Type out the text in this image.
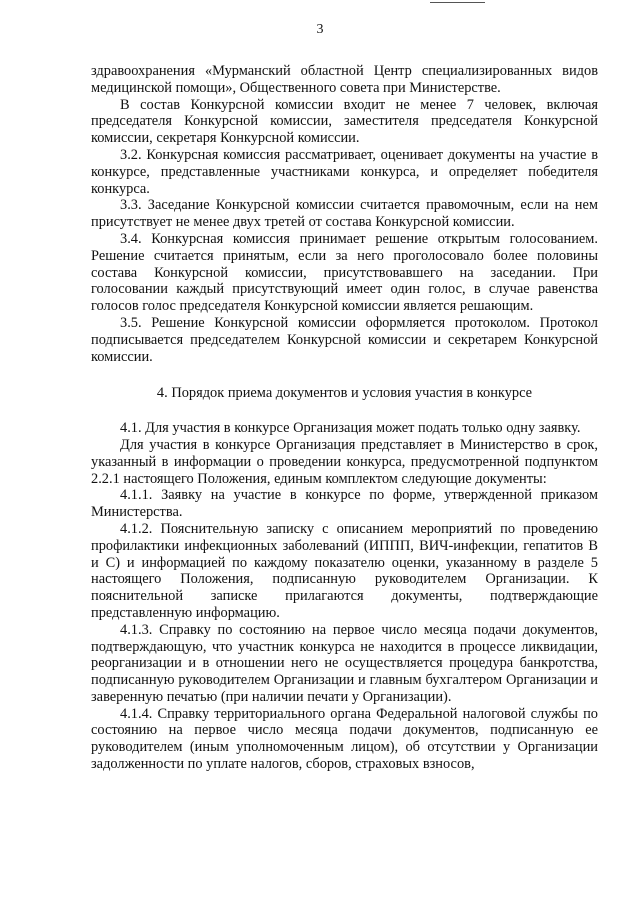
3

здравоохранения «Мурманский областной Центр специализированных видов медицинской помощи», Общественного совета при Министерстве.

В состав Конкурсной комиссии входит не менее 7 человек, включая председателя Конкурсной комиссии, заместителя председателя Конкурсной комиссии, секретаря Конкурсной комиссии.

3.2. Конкурсная комиссия рассматривает, оценивает документы на участие в конкурсе, представленные участниками конкурса, и определяет победителя конкурса.

3.3. Заседание Конкурсной комиссии считается правомочным, если на нем присутствует не менее двух третей от состава Конкурсной комиссии.

3.4. Конкурсная комиссия принимает решение открытым голосованием. Решение считается принятым, если за него проголосовало более половины состава Конкурсной комиссии, присутствовавшего на заседании. При голосовании каждый присутствующий имеет один голос, в случае равенства голосов голос председателя Конкурсной комиссии является решающим.

3.5. Решение Конкурсной комиссии оформляется протоколом. Протокол подписывается председателем Конкурсной комиссии и секретарем Конкурсной комиссии.

4. Порядок приема документов и условия участия в конкурсе

4.1. Для участия в конкурсе Организация может подать только одну заявку.

Для участия в конкурсе Организация представляет в Министерство в срок, указанный в информации о проведении конкурса, предусмотренной подпунктом 2.2.1 настоящего Положения, единым комплектом следующие документы:

4.1.1. Заявку на участие в конкурсе по форме, утвержденной приказом Министерства.

4.1.2. Пояснительную записку с описанием мероприятий по проведению профилактики инфекционных заболеваний (ИППП, ВИЧ-инфекции, гепатитов В и С) и информацией по каждому показателю оценки, указанному в разделе 5 настоящего Положения, подписанную руководителем Организации. К пояснительной записке прилагаются документы, подтверждающие представленную информацию.

4.1.3. Справку по состоянию на первое число месяца подачи документов, подтверждающую, что участник конкурса не находится в процессе ликвидации, реорганизации и в отношении него не осуществляется процедура банкротства, подписанную руководителем Организации и главным бухгалтером Организации и заверенную печатью (при наличии печати у Организации).

4.1.4. Справку территориального органа Федеральной налоговой службы по состоянию на первое число месяца подачи документов, подписанную ее руководителем (иным уполномоченным лицом), об отсутствии у Организации задолженности по уплате налогов, сборов, страховых взносов,
